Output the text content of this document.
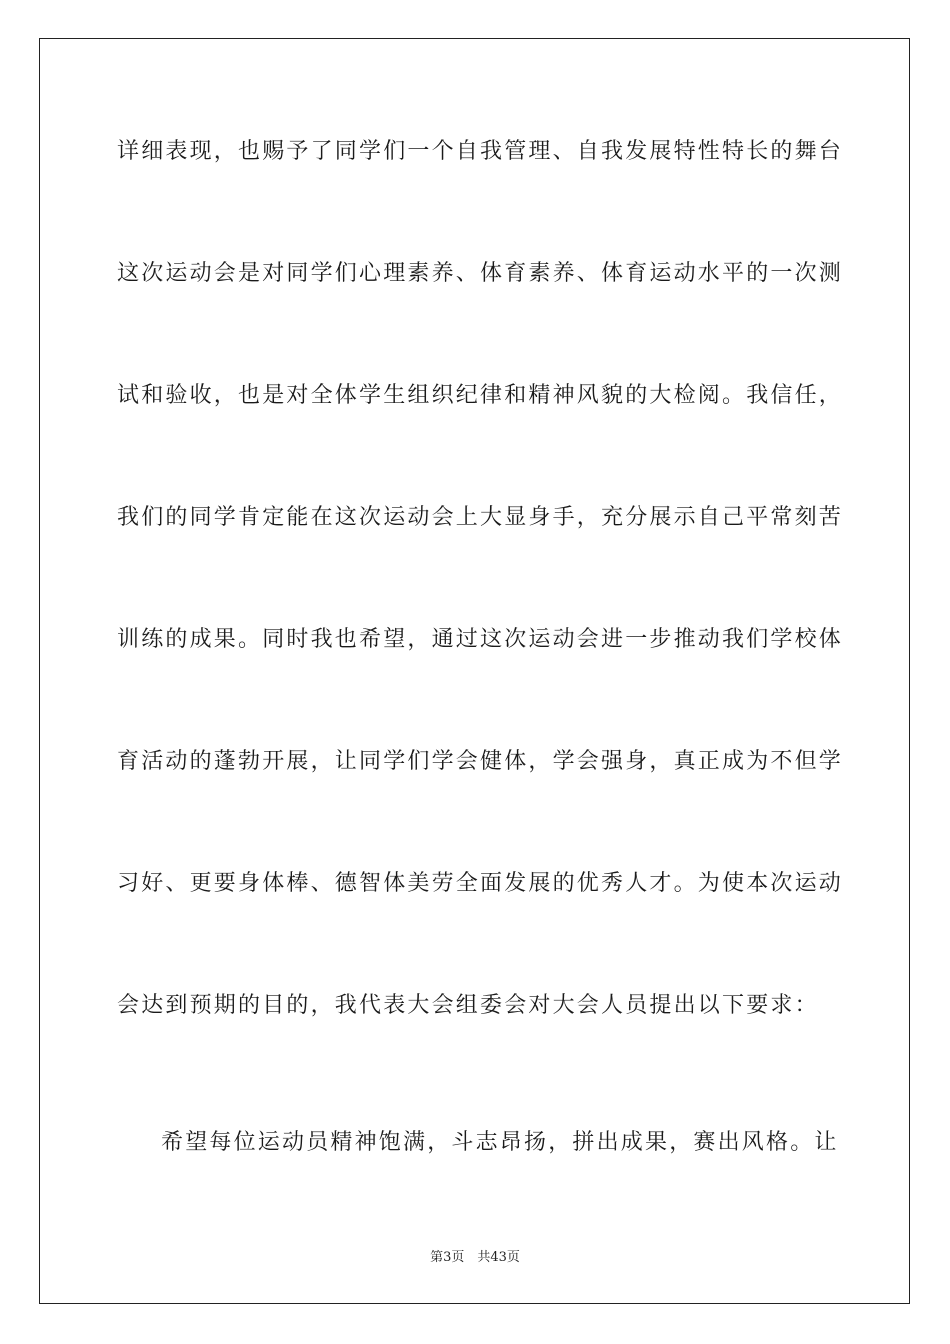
详细表现，也赐予了同学们一个自我管理、自我发展特性特长的舞台
这次运动会是对同学们心理素养、体育素养、体育运动水平的一次测
试和验收，也是对全体学生组织纪律和精神风貌的大检阅。我信任，
我们的同学肯定能在这次运动会上大显身手，充分展示自己平常刻苦
训练的成果。同时我也希望，通过这次运动会进一步推动我们学校体
育活动的蓬勃开展，让同学们学会健体，学会强身，真正成为不但学
习好、更要身体棒、德智体美劳全面发展的优秀人才。为使本次运动
会达到预期的目的，我代表大会组委会对大会人员提出以下要求：
希望每位运动员精神饱满，斗志昂扬，拼出成果，赛出风格。让
第3页　共43页
